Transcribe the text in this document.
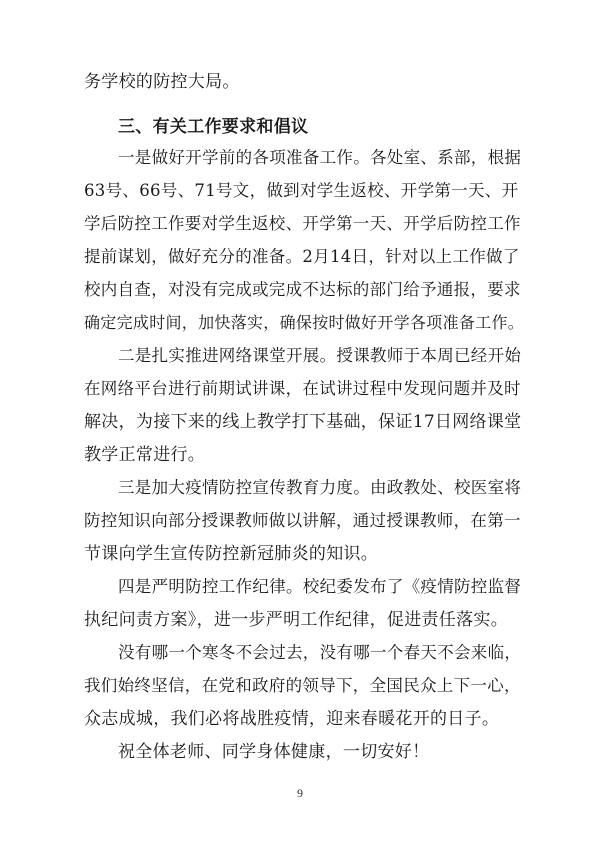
务学校的防控大局。
三、有关工作要求和倡议
一是做好开学前的各项准备工作。各处室、系部，根据
63号、66号、71号文，做到对学生返校、开学第一天、开
学后防控工作要对学生返校、开学第一天、开学后防控工作
提前谋划，做好充分的准备。2月14日，针对以上工作做了
校内自查，对没有完成或完成不达标的部门给予通报，要求
确定完成时间，加快落实，确保按时做好开学各项准备工作。
二是扎实推进网络课堂开展。授课教师于本周已经开始
在网络平台进行前期试讲课，在试讲过程中发现问题并及时
解决，为接下来的线上教学打下基础，保证17日网络课堂
教学正常进行。
三是加大疫情防控宣传教育力度。由政教处、校医室将
防控知识向部分授课教师做以讲解，通过授课教师，在第一
节课向学生宣传防控新冠肺炎的知识。
四是严明防控工作纪律。校纪委发布了《疫情防控监督
执纪问责方案》，进一步严明工作纪律，促进责任落实。
没有哪一个寒冬不会过去，没有哪一个春天不会来临，
我们始终坚信，在党和政府的领导下，全国民众上下一心，
众志成城，我们必将战胜疫情，迎来春暖花开的日子。
祝全体老师、同学身体健康，一切安好！
9
